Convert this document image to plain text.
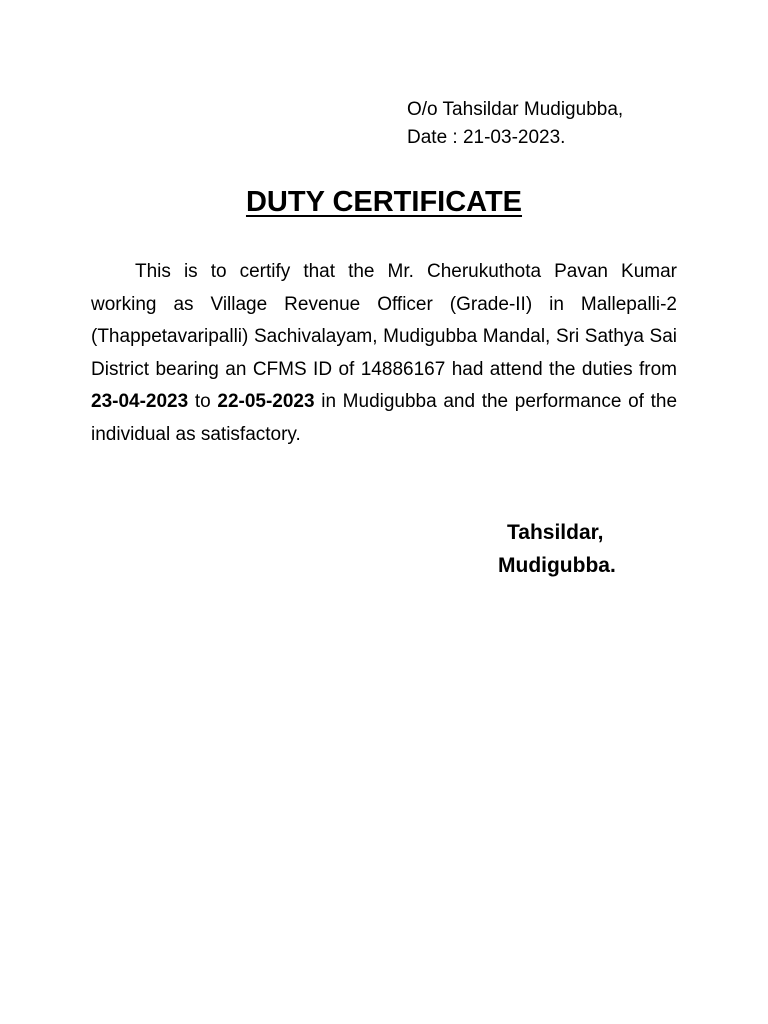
O/o Tahsildar Mudigubba,
Date : 21-03-2023.
DUTY CERTIFICATE

This is to certify that the Mr. Cherukuthota Pavan Kumar working as Village Revenue Officer (Grade-II) in Mallepalli-2 (Thappetavaripalli) Sachivalayam, Mudigubba Mandal, Sri Sathya Sai District bearing an CFMS ID of 14886167 had attend the duties from 23-04-2023 to 22-05-2023 in Mudigubba and the performance of the individual as satisfactory.

Tahsildar,
Mudigubba.
